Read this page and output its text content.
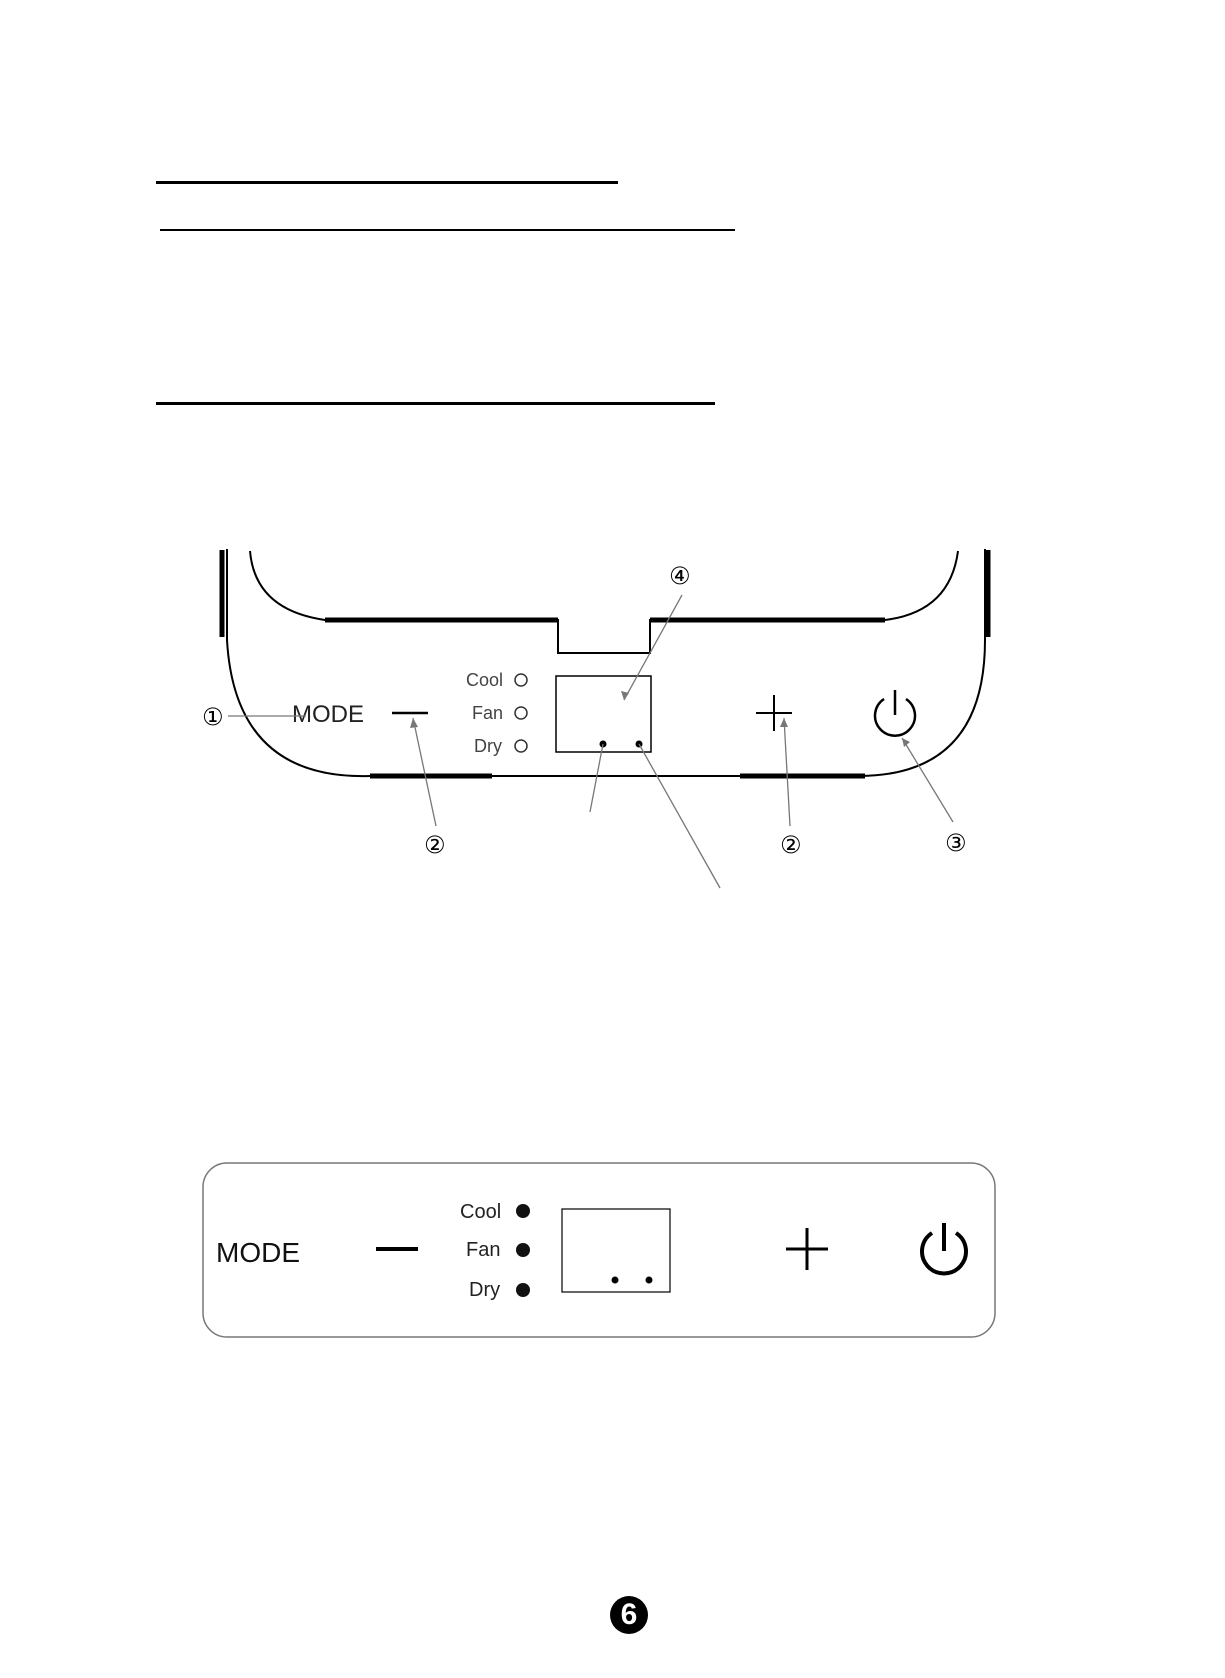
MODE
Cool
Fan
Dry
①
②	②	③
④
MODE
Cool
Fan
Dry
6
